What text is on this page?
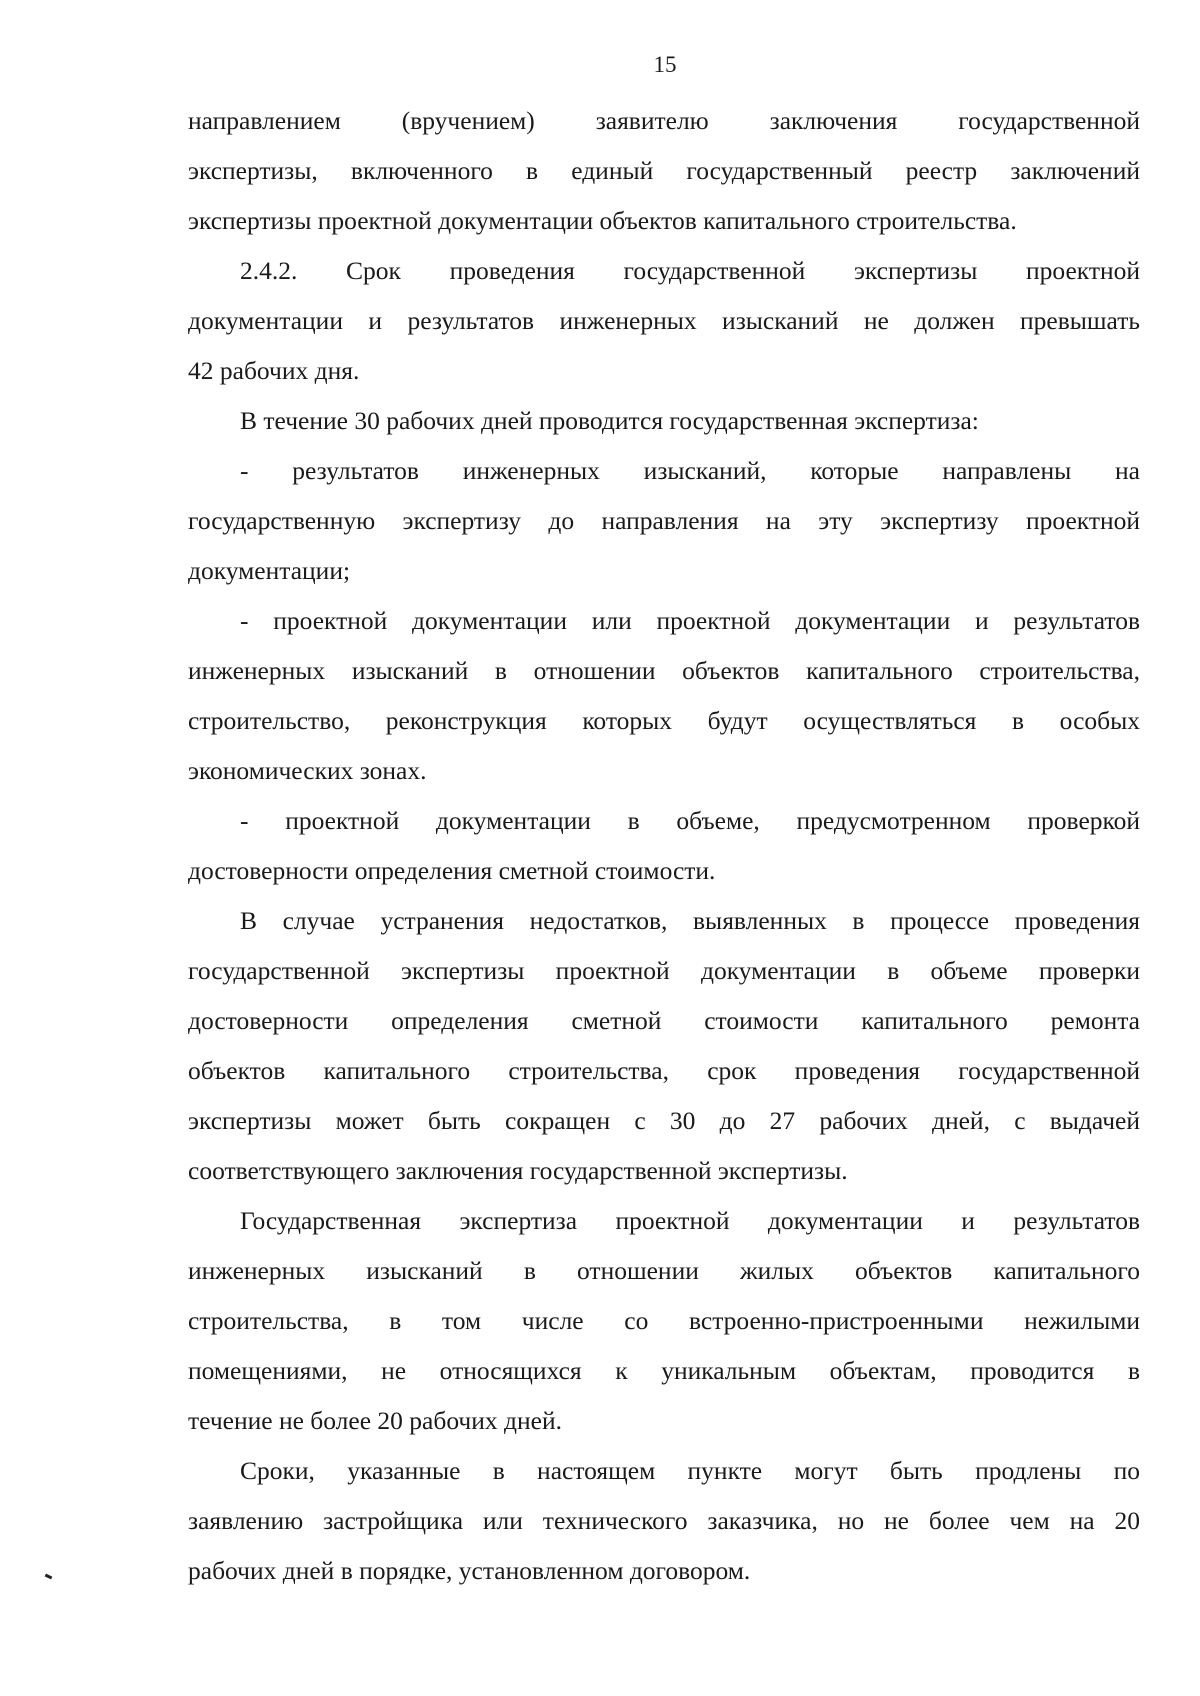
15
направлением (вручением) заявителю заключения государственной
экспертизы, включенного в единый государственный реестр заключений
экспертизы проектной документации объектов капитального строительства.
2.4.2. Срок проведения государственной экспертизы проектной
документации и результатов инженерных изысканий не должен превышать
42 рабочих дня.
В течение 30 рабочих дней проводится государственная экспертиза:
- результатов инженерных изысканий, которые направлены на
государственную экспертизу до направления на эту экспертизу проектной
документации;
- проектной документации или проектной документации и результатов
инженерных изысканий в отношении объектов капитального строительства,
строительство, реконструкция которых будут осуществляться в особых
экономических зонах.
- проектной документации в объеме, предусмотренном проверкой
достоверности определения сметной стоимости.
В случае устранения недостатков, выявленных в процессе проведения
государственной экспертизы проектной документации в объеме проверки
достоверности определения сметной стоимости капитального ремонта
объектов капитального строительства, срок проведения государственной
экспертизы может быть сокращен с 30 до 27 рабочих дней, с выдачей
соответствующего заключения государственной экспертизы.
Государственная экспертиза проектной документации и результатов
инженерных изысканий в отношении жилых объектов капитального
строительства, в том числе со встроенно-пристроенными нежилыми
помещениями, не относящихся к уникальным объектам, проводится в
течение не более 20 рабочих дней.
Сроки, указанные в настоящем пункте могут быть продлены по
заявлению застройщика или технического заказчика, но не более чем на 20
рабочих дней в порядке, установленном договором.
